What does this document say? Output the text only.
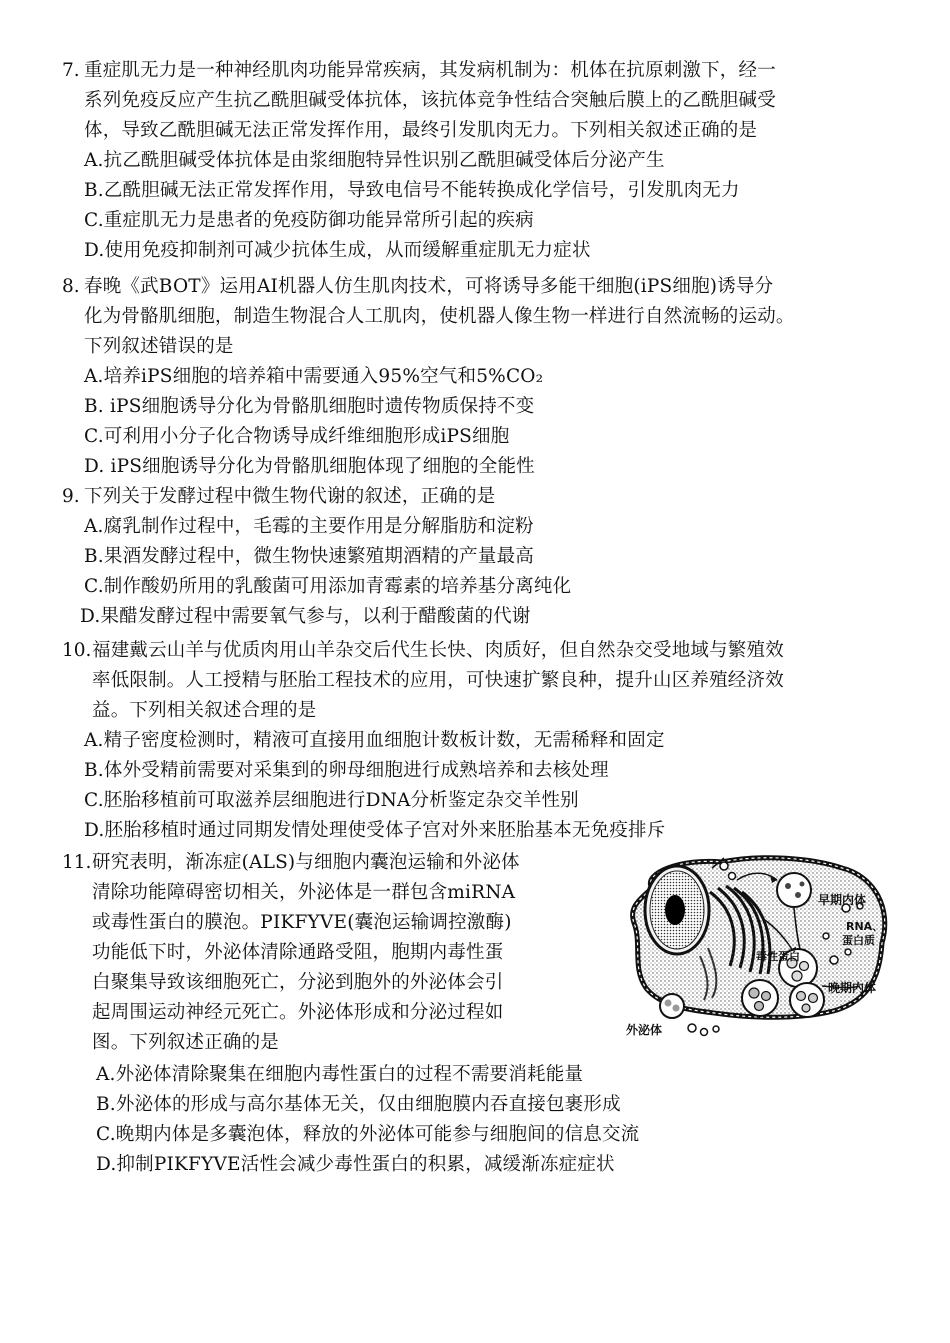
7. 重症肌无力是一种神经肌肉功能异常疾病，其发病机制为：机体在抗原刺激下，经一
系列免疫反应产生抗乙酰胆碱受体抗体，该抗体竞争性结合突触后膜上的乙酰胆碱受
体，导致乙酰胆碱无法正常发挥作用，最终引发肌肉无力。下列相关叙述正确的是
A.抗乙酰胆碱受体抗体是由浆细胞特异性识别乙酰胆碱受体后分泌产生
B.乙酰胆碱无法正常发挥作用，导致电信号不能转换成化学信号，引发肌肉无力
C.重症肌无力是患者的免疫防御功能异常所引起的疾病
D.使用免疫抑制剂可减少抗体生成，从而缓解重症肌无力症状
8. 春晚《武BOT》运用AI机器人仿生肌肉技术，可将诱导多能干细胞(iPS细胞)诱导分
化为骨骼肌细胞，制造生物混合人工肌肉，使机器人像生物一样进行自然流畅的运动。
下列叙述错误的是
A.培养iPS细胞的培养箱中需要通入95%空气和5%CO₂
B. iPS细胞诱导分化为骨骼肌细胞时遗传物质保持不变
C.可利用小分子化合物诱导成纤维细胞形成iPS细胞
D. iPS细胞诱导分化为骨骼肌细胞体现了细胞的全能性
9. 下列关于发酵过程中微生物代谢的叙述，正确的是
A.腐乳制作过程中，毛霉的主要作用是分解脂肪和淀粉
B.果酒发酵过程中，微生物快速繁殖期酒精的产量最高
C.制作酸奶所用的乳酸菌可用添加青霉素的培养基分离纯化
D.果醋发酵过程中需要氧气参与，以利于醋酸菌的代谢
10. 福建戴云山羊与优质肉用山羊杂交后代生长快、肉质好，但自然杂交受地域与繁殖效
率低限制。人工授精与胚胎工程技术的应用，可快速扩繁良种，提升山区养殖经济效
益。下列相关叙述合理的是
A.精子密度检测时，精液可直接用血细胞计数板计数，无需稀释和固定
B.体外受精前需要对采集到的卵母细胞进行成熟培养和去核处理
C.胚胎移植前可取滋养层细胞进行DNA分析鉴定杂交羊性别
D.胚胎移植时通过同期发情处理使受体子宫对外来胚胎基本无免疫排斥
11. 研究表明，渐冻症(ALS)与细胞内囊泡运输和外泌体
清除功能障碍密切相关，外泌体是一群包含miRNA
或毒性蛋白的膜泡。PIKFYVE(囊泡运输调控激酶)
功能低下时，外泌体清除通路受阻，胞期内毒性蛋
白聚集导致该细胞死亡，分泌到胞外的外泌体会引
起周围运动神经元死亡。外泌体形成和分泌过程如
图。下列叙述正确的是
A.外泌体清除聚集在细胞内毒性蛋白的过程不需要消耗能量
B.外泌体的形成与高尔基体无关，仅由细胞膜内吞直接包裹形成
C.晚期内体是多囊泡体，释放的外泌体可能参与细胞间的信息交流
D.抑制PIKFYVE活性会减少毒性蛋白的积累，减缓渐冻症症状
早期内体
RNA、
蛋白质
毒性蛋白
晚期内体
外泌体
